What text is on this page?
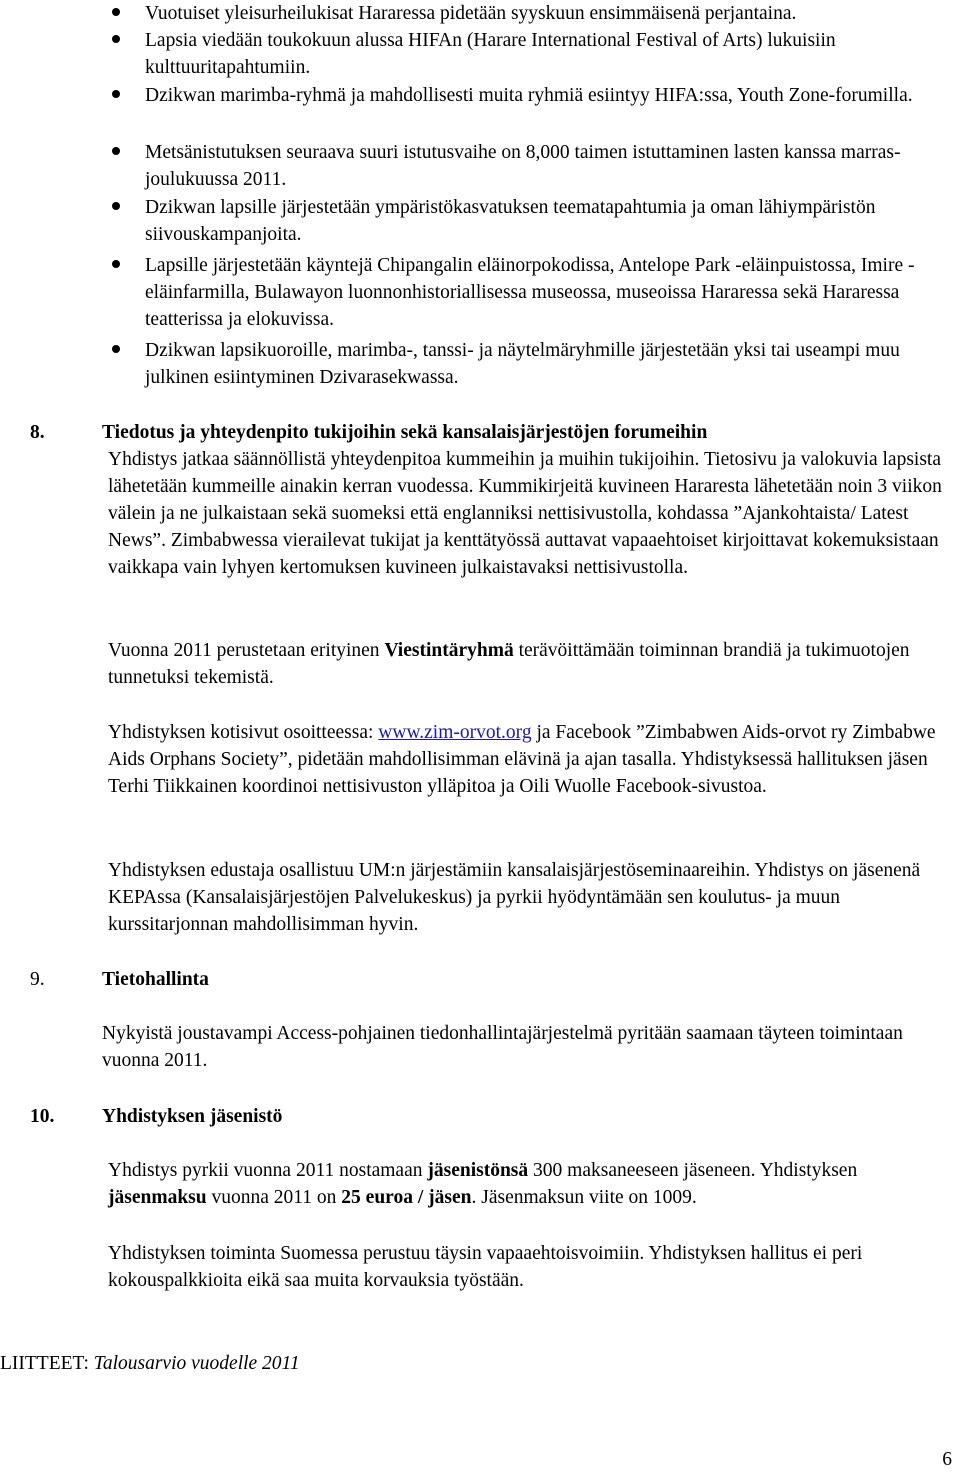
Vuotuiset yleisurheilukisat Hararessa pidetään syyskuun ensimmäisenä perjantaina.
Lapsia viedään toukokuun alussa HIFAn (Harare International Festival of Arts) lukuisiin kulttuuritapahtumiin.
Dzikwan marimba-ryhmä ja mahdollisesti muita ryhmiä esiintyy HIFA:ssa, Youth Zone-forumilla.
Metsänistutuksen seuraava suuri istutusvaihe on 8,000 taimen istuttaminen lasten kanssa marras-joulukuussa 2011.
Dzikwan lapsille järjestetään ympäristökasvatuksen teematapahtumia ja oman lähiympäristön siivouskampanjoita.
Lapsille järjestetään käyntejä Chipangalin eläinorpokodissa, Antelope Park -eläinpuistossa, Imire -eläinfarmilla, Bulawayon luonnonhistoriallisessa museossa, museoissa Hararessa sekä Hararessa teatterissa ja elokuvissa.
Dzikwan lapsikuoroille, marimba-, tanssi- ja näytelmäryhmille järjestetään yksi tai useampi muu julkinen esiintyminen Dzivarasekwassa.
8.	Tiedotus ja yhteydenpito tukijoihin sekä kansalaisjärjestöjen forumeihin
Yhdistys jatkaa säännöllistä yhteydenpitoa kummeihin ja muihin tukijoihin. Tietosivu ja valokuvia lapsista lähetetään kummeille ainakin kerran vuodessa. Kummikirjeitä kuvineen Hararesta lähetetään noin 3 viikon välein ja ne julkaistaan sekä suomeksi että englanniksi nettisivustolla, kohdassa ”Ajankohtaista/ Latest News”. Zimbabwessa vierailevat tukijat ja kenttätyössä auttavat vapaaehtoiset kirjoittavat kokemuksistaan vaikkapa vain lyhyen kertomuksen kuvineen julkaistavaksi nettisivustolla.
Vuonna 2011 perustetaan erityinen Viestintäryhmä terävöittämään toiminnan brandiä ja tukimuotojen tunnetuksi tekemistä.
Yhdistyksen kotisivut osoitteessa: www.zim-orvot.org ja Facebook ”Zimbabwen Aids-orvot ry Zimbabwe Aids Orphans Society”, pidetään mahdollisimman elävinä ja ajan tasalla. Yhdistyksessä hallituksen jäsen Terhi Tiikkainen koordinoi nettisivuston ylläpitoa ja Oili Wuolle Facebook-sivustoa.
Yhdistyksen edustaja osallistuu UM:n järjestämiin kansalaisjärjestöseminaareihin. Yhdistys on jäsenenä KEPAssa (Kansalaisjärjestöjen Palvelukeskus) ja pyrkii hyödyntämään sen koulutus- ja muun kurssitarjonnan mahdollisimman hyvin.
9.	Tietohallinta
Nykyistä joustavampi Access-pohjainen tiedonhallintajärjestelmä pyritään saamaan täyteen toimintaan vuonna 2011.
10. Yhdistyksen jäsenistö
Yhdistys pyrkii vuonna 2011 nostamaan jäsenistönsä 300 maksaneeseen jäseneen. Yhdistyksen jäsenmaksu vuonna 2011 on 25 euroa / jäsen. Jäsenmaksun viite on 1009.
Yhdistyksen toiminta Suomessa perustuu täysin vapaaehtoisvoimiin. Yhdistyksen hallitus ei peri kokouspalkkioita eikä saa muita korvauksia työstään.
LIITTEET: Talousarvio vuodelle 2011
6
